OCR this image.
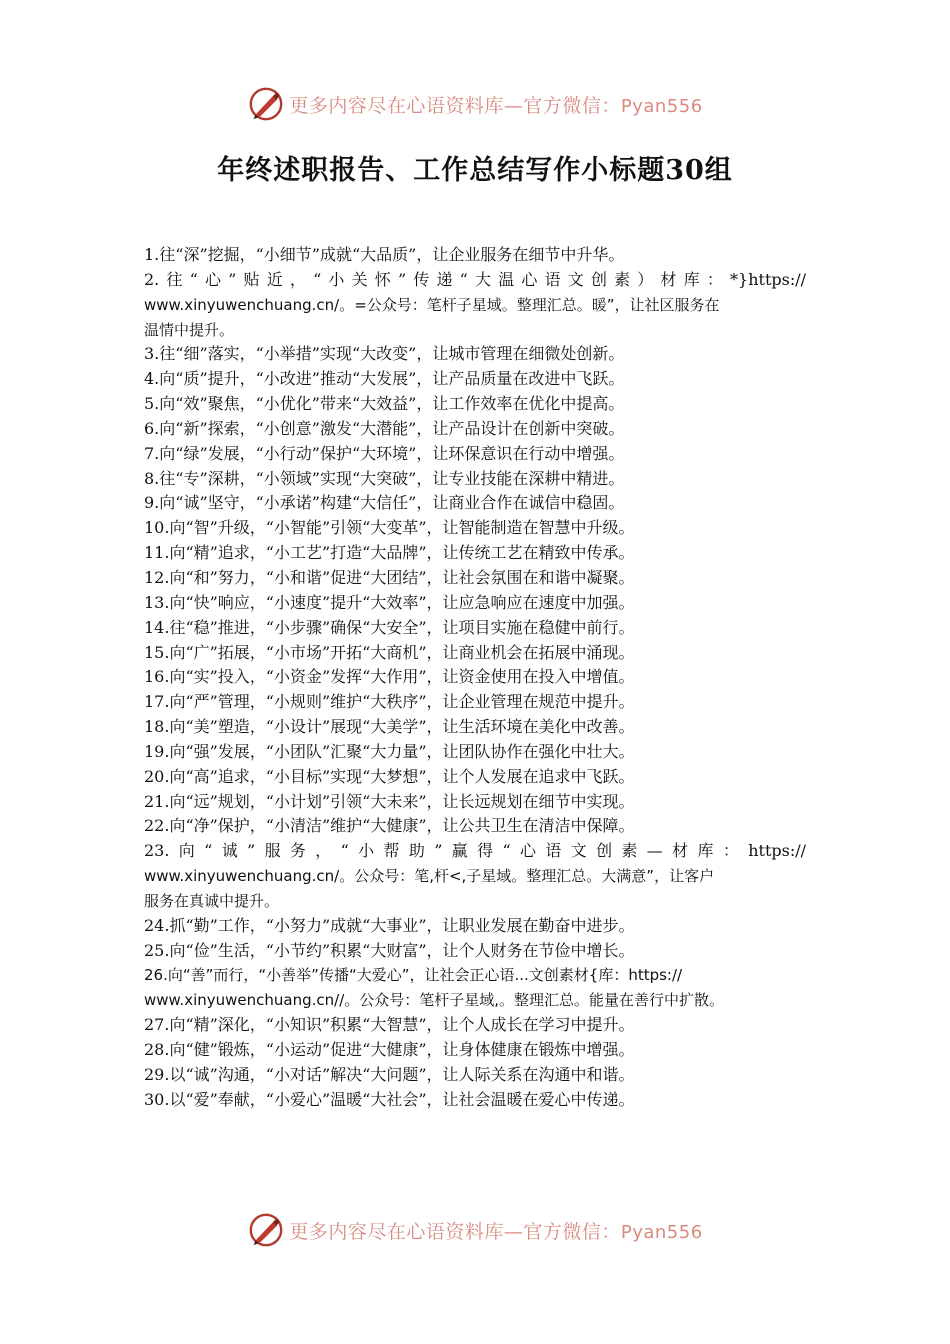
更多内容尽在心语资料库—官方微信：Pyan556
年终述职报告、工作总结写作小标题30组
1.往“深”挖掘，“小细节”成就“大品质”，让企业服务在细节中升华。
2.往“心”贴近，“小关怀”传递“大温心语文创素）材库：*}https://
www.xinyuwenchuang.cn/。=公众号：笔杆子星域。整理汇总。暖”，让社区服务在
温情中提升。
3.往“细”落实，“小举措”实现“大改变”，让城市管理在细微处创新。
4.向“质”提升，“小改进”推动“大发展”，让产品质量在改进中飞跃。
5.向“效”聚焦，“小优化”带来“大效益”，让工作效率在优化中提高。
6.向“新”探索，“小创意”激发“大潜能”，让产品设计在创新中突破。
7.向“绿”发展，“小行动”保护“大环境”，让环保意识在行动中增强。
8.往“专”深耕，“小领域”实现“大突破”，让专业技能在深耕中精进。
9.向“诚”坚守，“小承诺”构建“大信任”，让商业合作在诚信中稳固。
10.向“智”升级，“小智能”引领“大变革”，让智能制造在智慧中升级。
11.向“精”追求，“小工艺”打造“大品牌”，让传统工艺在精致中传承。
12.向“和”努力，“小和谐”促进“大团结”，让社会氛围在和谐中凝聚。
13.向“快”响应，“小速度”提升“大效率”，让应急响应在速度中加强。
14.往“稳”推进，“小步骤”确保“大安全”，让项目实施在稳健中前行。
15.向“广”拓展，“小市场”开拓“大商机”，让商业机会在拓展中涌现。
16.向“实”投入，“小资金”发挥“大作用”，让资金使用在投入中增值。
17.向“严”管理，“小规则”维护“大秩序”，让企业管理在规范中提升。
18.向“美”塑造，“小设计”展现“大美学”，让生活环境在美化中改善。
19.向“强”发展，“小团队”汇聚“大力量”，让团队协作在强化中壮大。
20.向“高”追求，“小目标”实现“大梦想”，让个人发展在追求中飞跃。
21.向“远”规划，“小计划”引领“大未来”，让长远规划在细节中实现。
22.向“净”保护，“小清洁”维护“大健康”，让公共卫生在清洁中保障。
23.向“诚”服务，“小帮助”赢得“心语文创素—材库：https://
www.xinyuwenchuang.cn/。公众号：笔,杆<,子星域。整理汇总。大满意”，让客户
服务在真诚中提升。
24.抓“勤”工作，“小努力”成就“大事业”，让职业发展在勤奋中进步。
25.向“俭”生活，“小节约”积累“大财富”，让个人财务在节俭中增长。
26.向“善”而行，“小善举”传播“大爱心”，让社会正心语...文创素材{库：https://
www.xinyuwenchuang.cn//。公众号：笔杆子星域,。整理汇总。能量在善行中扩散。
27.向“精”深化，“小知识”积累“大智慧”，让个人成长在学习中提升。
28.向“健”锻炼，“小运动”促进“大健康”，让身体健康在锻炼中增强。
29.以“诚”沟通，“小对话”解决“大问题”，让人际关系在沟通中和谐。
30.以“爱”奉献，“小爱心”温暖“大社会”，让社会温暖在爱心中传递。
更多内容尽在心语资料库—官方微信：Pyan556
